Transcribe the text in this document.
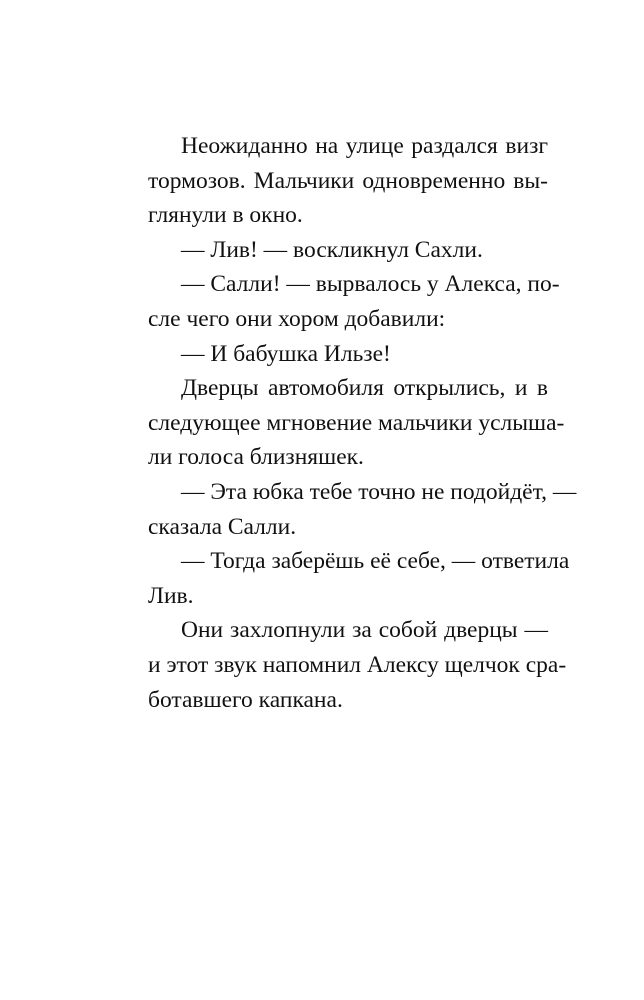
Неожиданно на улице раздался визг
тормозов. Мальчики одновременно вы-
глянули в окно.
— Лив! — воскликнул Сахли.
— Салли! — вырвалось у Алекса, по-
сле чего они хором добавили:
— И бабушка Ильзе!
Дверцы автомобиля открылись, и в
следующее мгновение мальчики услыша-
ли голоса близняшек.
— Эта юбка тебе точно не подойдёт, —
сказала Салли.
— Тогда заберёшь её себе, — ответила
Лив.
Они захлопнули за собой дверцы —
и этот звук напомнил Алексу щелчок сра-
ботавшего капкана.
